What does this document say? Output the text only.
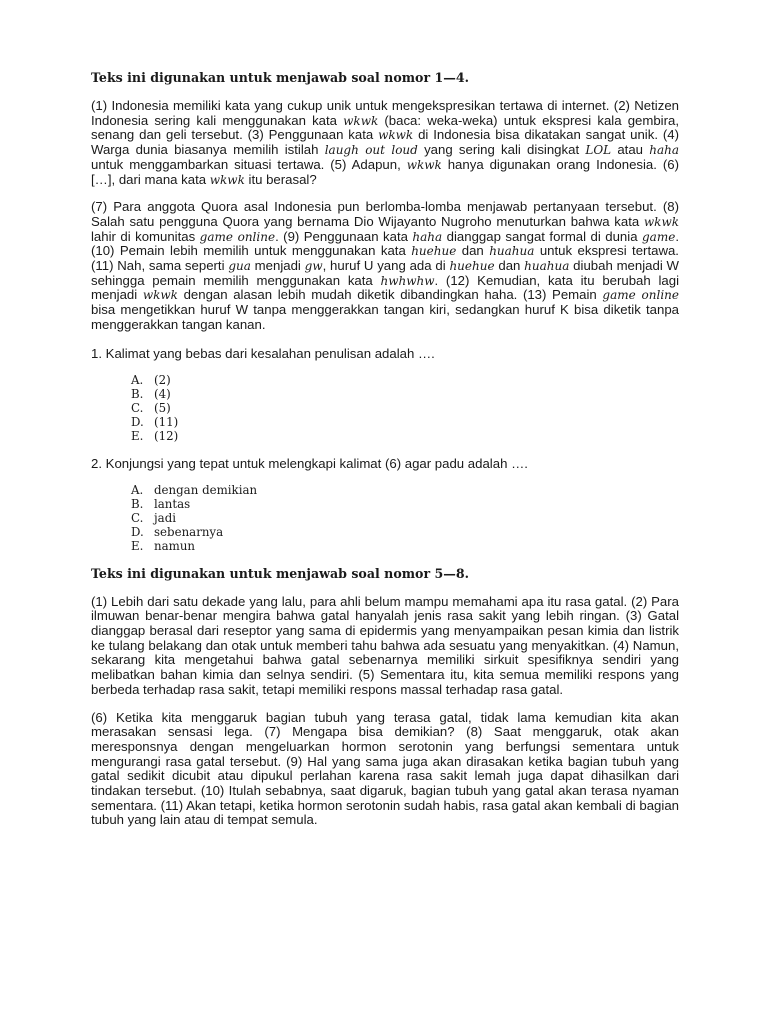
Teks ini digunakan untuk menjawab soal nomor 1—4.

(1) Indonesia memiliki kata yang cukup unik untuk mengekspresikan tertawa di internet. (2) Netizen Indonesia sering kali menggunakan kata wkwk (baca: weka-weka) untuk ekspresi kala gembira, senang dan geli tersebut. (3) Penggunaan kata wkwk di Indonesia bisa dikatakan sangat unik. (4) Warga dunia biasanya memilih istilah laugh out loud yang sering kali disingkat LOL atau haha untuk menggambarkan situasi tertawa. (5) Adapun, wkwk hanya digunakan orang Indonesia. (6) […], dari mana kata wkwk itu berasal?

(7) Para anggota Quora asal Indonesia pun berlomba-lomba menjawab pertanyaan tersebut. (8) Salah satu pengguna Quora yang bernama Dio Wijayanto Nugroho menuturkan bahwa kata wkwk lahir di komunitas game online. (9) Penggunaan kata haha dianggap sangat formal di dunia game. (10) Pemain lebih memilih untuk menggunakan kata huehue dan huahua untuk ekspresi tertawa. (11) Nah, sama seperti gua menjadi gw, huruf U yang ada di huehue dan huahua diubah menjadi W sehingga pemain memilih menggunakan kata hwhwhw. (12) Kemudian, kata itu berubah lagi menjadi wkwk dengan alasan lebih mudah diketik dibandingkan haha. (13) Pemain game online bisa mengetikkan huruf W tanpa menggerakkan tangan kiri, sedangkan huruf K bisa diketik tanpa menggerakkan tangan kanan.

1. Kalimat yang bebas dari kesalahan penulisan adalah ….

A. (2)
B. (4)
C. (5)
D. (11)
E. (12)

2. Konjungsi yang tepat untuk melengkapi kalimat (6) agar padu adalah ….

A. dengan demikian
B. lantas
C. jadi
D. sebenarnya
E. namun

Teks ini digunakan untuk menjawab soal nomor 5—8.

(1) Lebih dari satu dekade yang lalu, para ahli belum mampu memahami apa itu rasa gatal. (2) Para ilmuwan benar-benar mengira bahwa gatal hanyalah jenis rasa sakit yang lebih ringan. (3) Gatal dianggap berasal dari reseptor yang sama di epidermis yang menyampaikan pesan kimia dan listrik ke tulang belakang dan otak untuk memberi tahu bahwa ada sesuatu yang menyakitkan. (4) Namun, sekarang kita mengetahui bahwa gatal sebenarnya memiliki sirkuit spesifiknya sendiri yang melibatkan bahan kimia dan selnya sendiri. (5) Sementara itu, kita semua memiliki respons yang berbeda terhadap rasa sakit, tetapi memiliki respons massal terhadap rasa gatal.

(6) Ketika kita menggaruk bagian tubuh yang terasa gatal, tidak lama kemudian kita akan merasakan sensasi lega. (7) Mengapa bisa demikian? (8) Saat menggaruk, otak akan meresponsnya dengan mengeluarkan hormon serotonin yang berfungsi sementara untuk mengurangi rasa gatal tersebut. (9) Hal yang sama juga akan dirasakan ketika bagian tubuh yang gatal sedikit dicubit atau dipukul perlahan karena rasa sakit lemah juga dapat dihasilkan dari tindakan tersebut. (10) Itulah sebabnya, saat digaruk, bagian tubuh yang gatal akan terasa nyaman sementara. (11) Akan tetapi, ketika hormon serotonin sudah habis, rasa gatal akan kembali di bagian tubuh yang lain atau di tempat semula.
